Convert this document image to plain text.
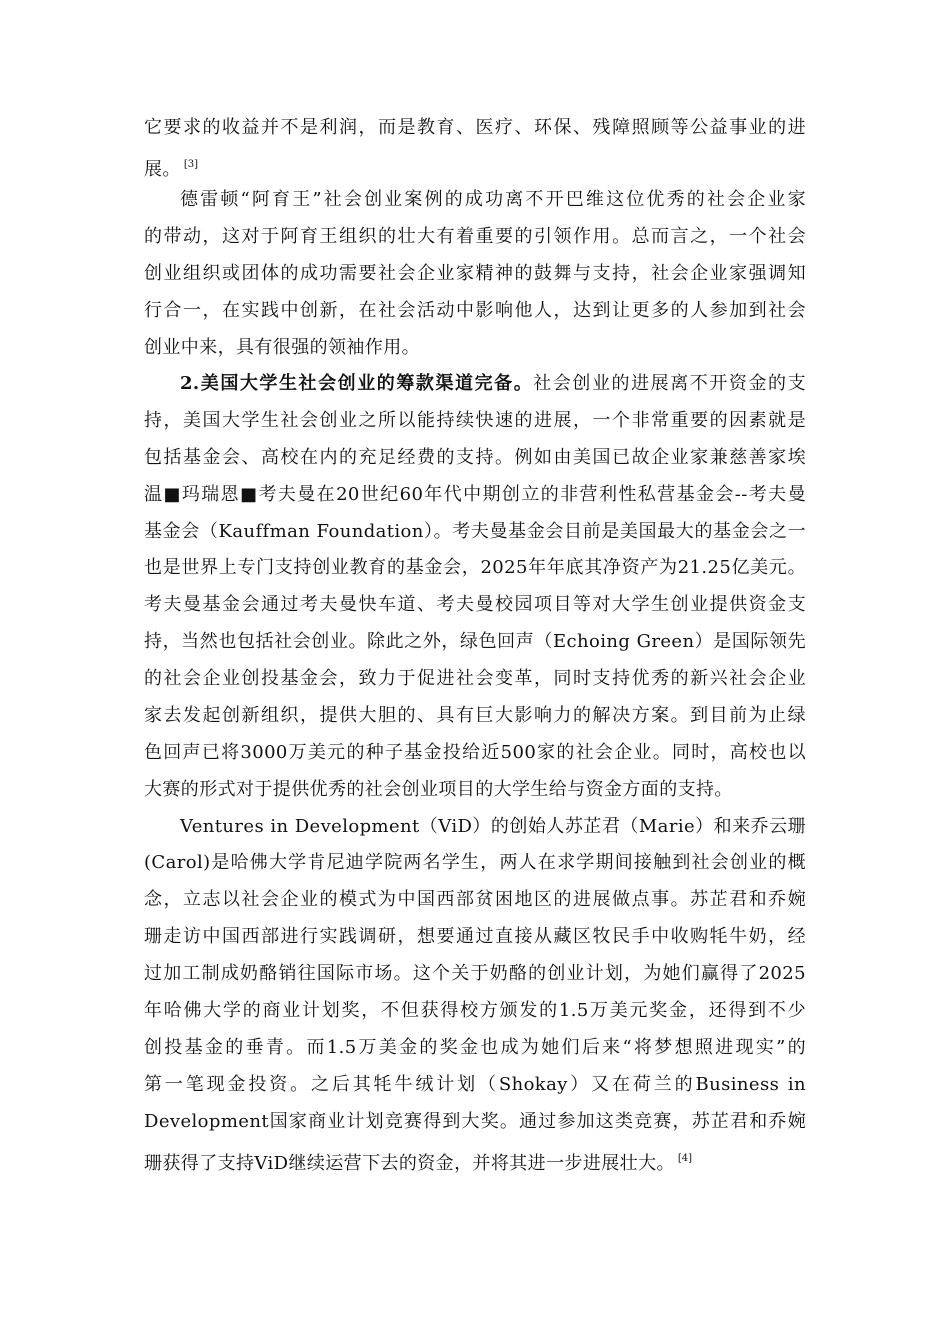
它要求的收益并不是利润，而是教育、医疗、环保、残障照顾等公益事业的进
展。 [3]
德雷顿“阿育王”社会创业案例的成功离不开巴维这位优秀的社会企业家
的带动，这对于阿育王组织的壮大有着重要的引领作用。总而言之，一个社会
创业组织或团体的成功需要社会企业家精神的鼓舞与支持，社会企业家强调知
行合一，在实践中创新，在社会活动中影响他人，达到让更多的人参加到社会
创业中来，具有很强的领袖作用。
2.美国大学生社会创业的筹款渠道完备。社会创业的进展离不开资金的支
持，美国大学生社会创业之所以能持续快速的进展，一个非常重要的因素就是
包括基金会、高校在内的充足经费的支持。例如由美国已故企业家兼慈善家埃
温■玛瑞恩■考夫曼在20世纪60年代中期创立的非营利性私营基金会--考夫曼
基金会（Kauffman Foundation）。考夫曼基金会目前是美国最大的基金会之一
也是世界上专门支持创业教育的基金会，2025年年底其净资产为21.25亿美元。
考夫曼基金会通过考夫曼快车道、考夫曼校园项目等对大学生创业提供资金支
持，当然也包括社会创业。除此之外，绿色回声（Echoing Green）是国际领先
的社会企业创投基金会，致力于促进社会变革，同时支持优秀的新兴社会企业
家去发起创新组织，提供大胆的、具有巨大影响力的解决方案。到目前为止绿
色回声已将3000万美元的种子基金投给近500家的社会企业。同时，高校也以
大赛的形式对于提供优秀的社会创业项目的大学生给与资金方面的支持。
Ventures in Development（ViD）的创始人苏芷君（Marie）和来乔云珊
(Carol)是哈佛大学肯尼迪学院两名学生，两人在求学期间接触到社会创业的概
念，立志以社会企业的模式为中国西部贫困地区的进展做点事。苏芷君和乔婉
珊走访中国西部进行实践调研，想要通过直接从藏区牧民手中收购牦牛奶，经
过加工制成奶酪销往国际市场。这个关于奶酪的创业计划，为她们赢得了2025
年哈佛大学的商业计划奖，不但获得校方颁发的1.5万美元奖金，还得到不少
创投基金的垂青。而1.5万美金的奖金也成为她们后来“将梦想照进现实”的
第一笔现金投资。之后其牦牛绒计划（Shokay）又在荷兰的Business in
Development国家商业计划竞赛得到大奖。通过参加这类竞赛，苏芷君和乔婉
珊获得了支持ViD继续运营下去的资金，并将其进一步进展壮大。 [4]
